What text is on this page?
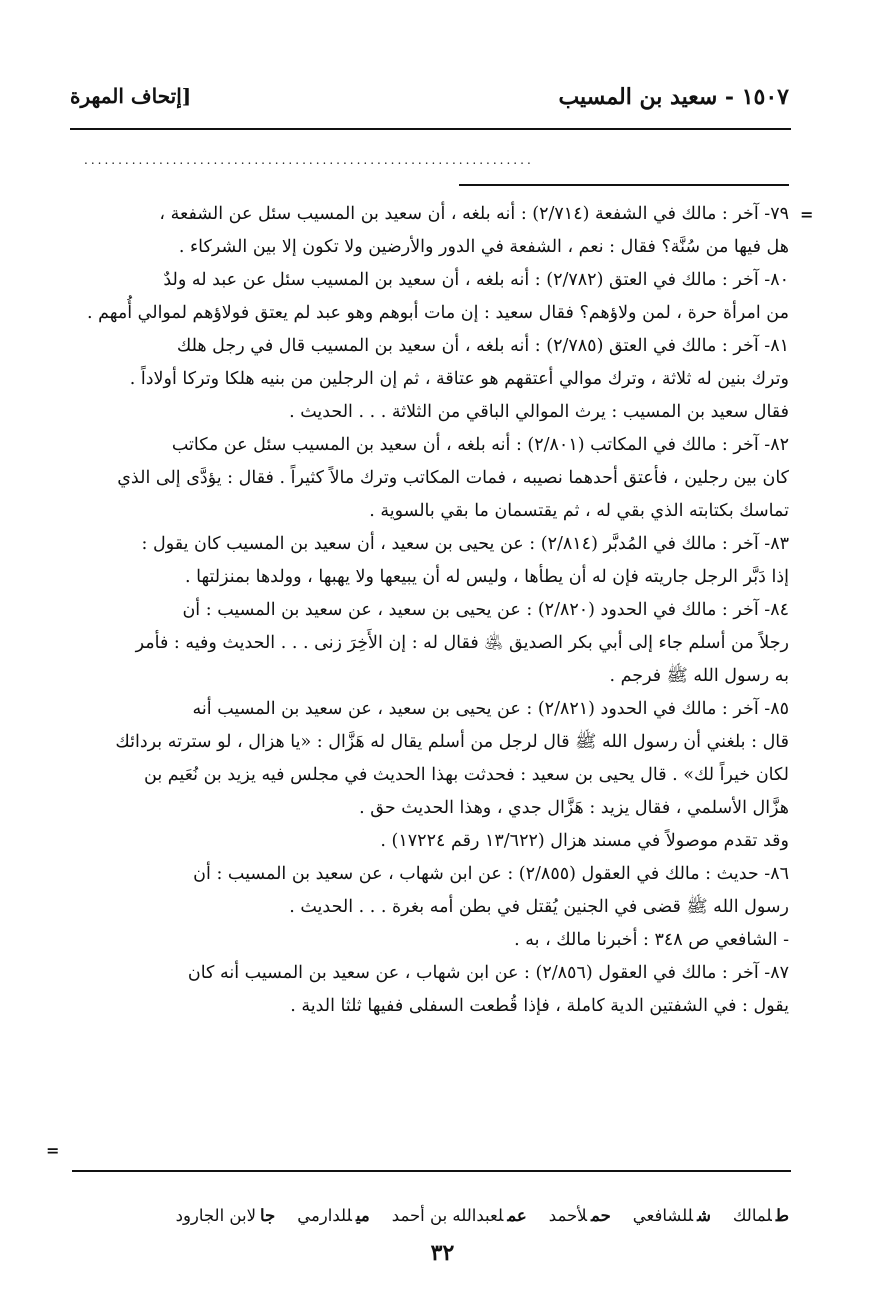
١٥٠٧ - سعيد بن المسيب
[إتحاف المهرة
..................................................................
=
=
٧٩- آخر : مالك في الشفعة (٢/٧١٤) : أنه بلغه ، أن سعيد بن المسيب سئل عن الشفعة ،
هل فيها من سُنَّة؟ فقال : نعم ، الشفعة في الدور والأرضين ولا تكون إلا بين الشركاء .
٨٠- آخر : مالك في العتق (٢/٧٨٢) : أنه بلغه ، أن سعيد بن المسيب سئل عن عبد له ولدٌ
من امرأة حرة ، لمن ولاؤهم؟ فقال سعيد : إن مات أبوهم وهو عبد لم يعتق فولاؤهم لموالي أُمهم .
٨١- آخر : مالك في العتق (٢/٧٨٥) : أنه بلغه ، أن سعيد بن المسيب قال في رجل هلك
وترك بنين له ثلاثة ، وترك موالي أعتقهم هو عتاقة ، ثم إن الرجلين من بنيه هلكا وتركا أولاداً .
فقال سعيد بن المسيب : يرث الموالي الباقي من الثلاثة . . . الحديث .
٨٢- آخر : مالك في المكاتب (٢/٨٠١) : أنه بلغه ، أن سعيد بن المسيب سئل عن مكاتب
كان بين رجلين ، فأعتق أحدهما نصيبه ، فمات المكاتب وترك مالاً كثيراً . فقال : يؤدَّى إلى الذي
تماسك بكتابته الذي بقي له ، ثم يقتسمان ما بقي بالسوية .
٨٣- آخر : مالك في المُدبَّر (٢/٨١٤) : عن يحيى بن سعيد ، أن سعيد بن المسيب كان يقول :
إذا دَبَّر الرجل جاريته فإن له أن يطأها ، وليس له أن يبيعها ولا يهبها ، وولدها بمنزلتها .
٨٤- آخر : مالك في الحدود (٢/٨٢٠) : عن يحيى بن سعيد ، عن سعيد بن المسيب : أن
رجلاً من أسلم جاء إلى أبي بكر الصديق ﵁ فقال له : إن الأَخِرَ زنى . . . الحديث وفيه : فأمر
به رسول الله ﷺ فرجم .
٨٥- آخر : مالك في الحدود (٢/٨٢١) : عن يحيى بن سعيد ، عن سعيد بن المسيب أنه
قال : بلغني أن رسول الله ﷺ قال لرجل من أسلم يقال له هَزَّال : «يا هزال ، لو سترته بردائك
لكان خيراً لك» . قال يحيى بن سعيد : فحدثت بهذا الحديث في مجلس فيه يزيد بن نُعَيم بن
هزَّال الأسلمي ، فقال يزيد : هَزَّال جدي ، وهذا الحديث حق .
وقد تقدم موصولاً في مسند هزال (١٣/٦٢٢ رقم ١٧٢٢٤) .
٨٦- حديث : مالك في العقول (٢/٨٥٥) : عن ابن شهاب ، عن سعيد بن المسيب : أن
رسول الله ﷺ قضى في الجنين يُقتل في بطن أمه بغرة . . . الحديث .
- الشافعي ص ٣٤٨ : أخبرنا مالك ، به .
٨٧- آخر : مالك في العقول (٢/٨٥٦) : عن ابن شهاب ، عن سعيد بن المسيب أنه كان
يقول : في الشفتين الدية كاملة ، فإذا قُطعت السفلى ففيها ثلثا الدية .
طلمالك
شللشافعي
حملأحمد
عملعبدالله بن أحمد
ميللدارمي
جالابن الجارود
٣٢
